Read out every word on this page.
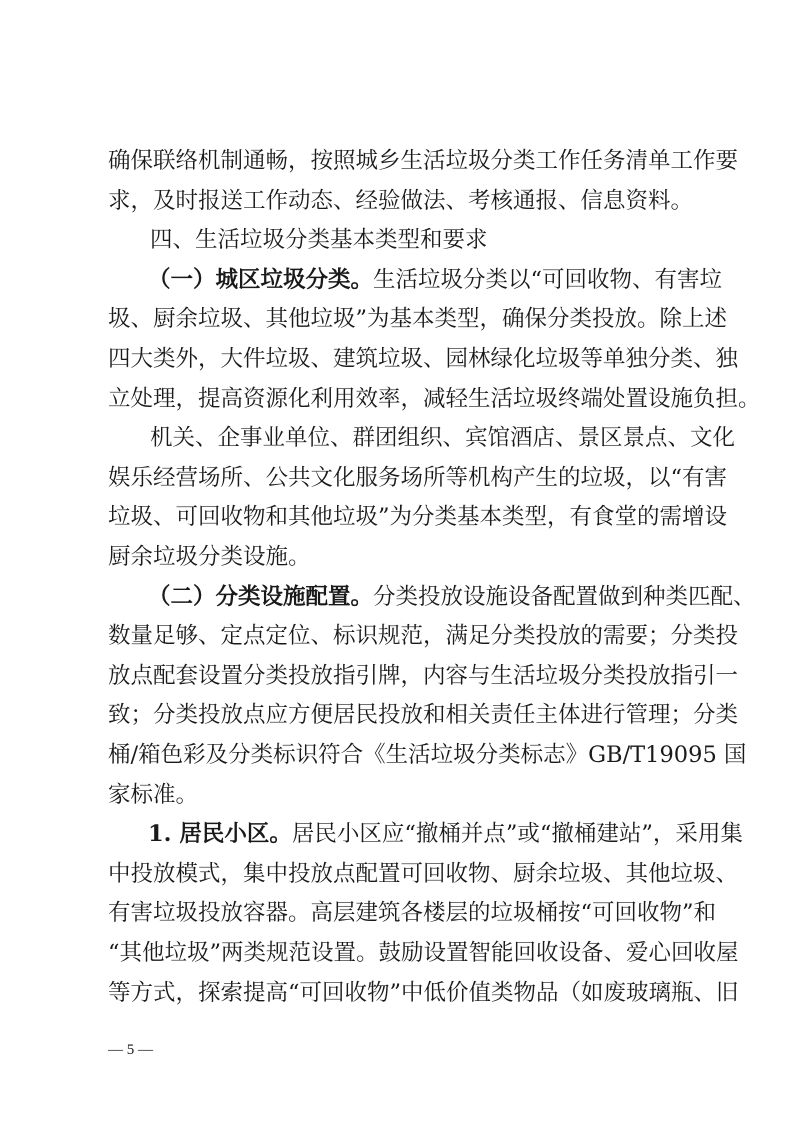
确保联络机制通畅，按照城乡生活垃圾分类工作任务清单工作要
求，及时报送工作动态、经验做法、考核通报、信息资料。
四、生活垃圾分类基本类型和要求
（一）城区垃圾分类。 生活垃圾分类以“可回收物、有害垃
圾、厨余垃圾、其他垃圾”为基本类型，确保分类投放。除上述
四大类外，大件垃圾、建筑垃圾、园林绿化垃圾等单独分类、独
立处理，提高资源化利用效率，减轻生活垃圾终端处置设施负担。
机关、企事业单位、群团组织、宾馆酒店、景区景点、文化
娱乐经营场所、公共文化服务场所等机构产生的垃圾，以“有害
垃圾、可回收物和其他垃圾”为分类基本类型，有食堂的需增设
厨余垃圾分类设施。
（二）分类设施配置。 分类投放设施设备配置做到种类匹配、
数量足够、定点定位、标识规范，满足分类投放的需要；分类投
放点配套设置分类投放指引牌，内容与生活垃圾分类投放指引一
致；分类投放点应方便居民投放和相关责任主体进行管理；分类
桶/箱色彩及分类标识符合《生活垃圾分类标志》GB/T19095 国
家标准。
1. 居民小区。 居民小区应“撤桶并点”或“撤桶建站”，采用集
中投放模式，集中投放点配置可回收物、厨余垃圾、其他垃圾、
有害垃圾投放容器。高层建筑各楼层的垃圾桶按“可回收物”和
“其他垃圾”两类规范设置。鼓励设置智能回收设备、爱心回收屋
等方式，探索提高“可回收物”中低价值类物品（如废玻璃瓶、旧
— 5 —
